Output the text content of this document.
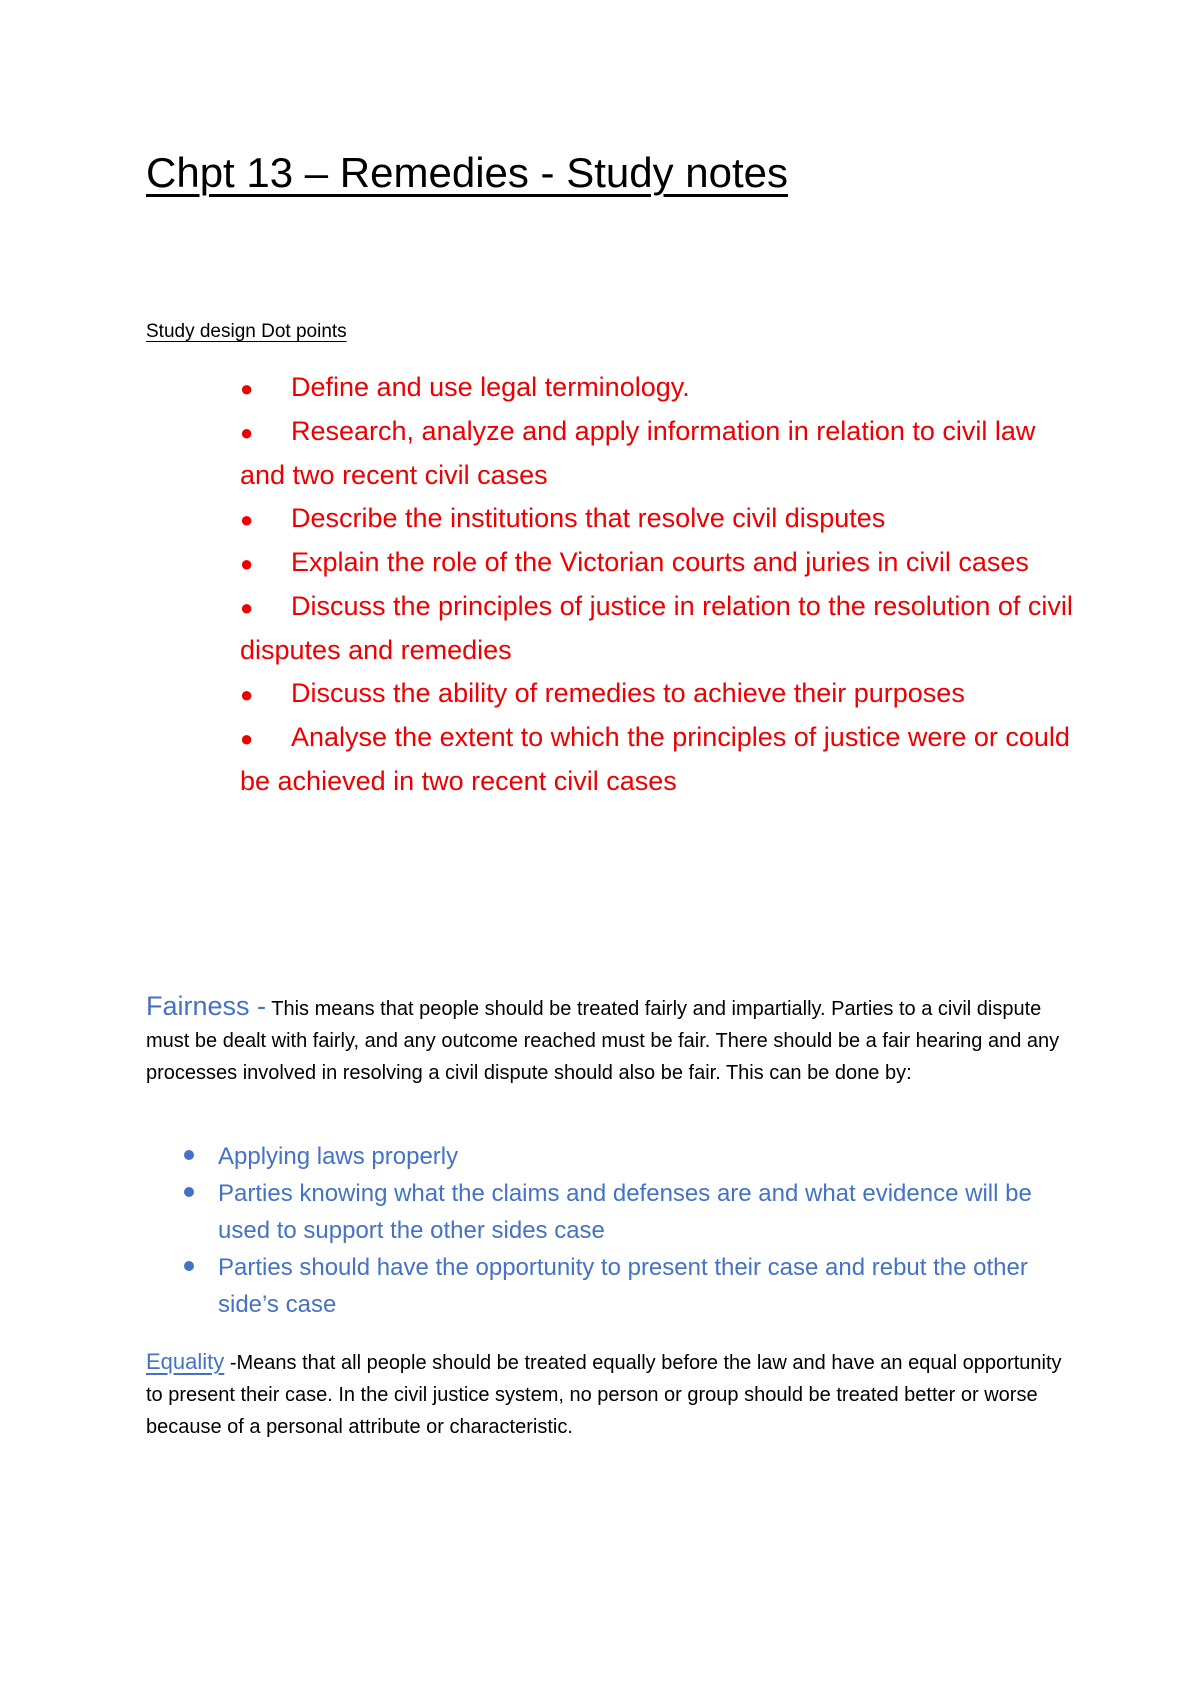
Chpt 13 – Remedies - Study notes
Study design Dot points
● Define and use legal terminology.
● Research, analyze and apply information in relation to civil law and two recent civil cases
● Describe the institutions that resolve civil disputes
● Explain the role of the Victorian courts and juries in civil cases
● Discuss the principles of justice in relation to the resolution of civil disputes and remedies
● Discuss the ability of remedies to achieve their purposes
● Analyse the extent to which the principles of justice were or could be achieved in two recent civil cases

Fairness - This means that people should be treated fairly and impartially. Parties to a civil dispute must be dealt with fairly, and any outcome reached must be fair. There should be a fair hearing and any processes involved in resolving a civil dispute should also be fair. This can be done by:

Applying laws properly
Parties knowing what the claims and defenses are and what evidence will be used to support the other sides case
Parties should have the opportunity to present their case and rebut the other side’s case

Equality -Means that all people should be treated equally before the law and have an equal opportunity to present their case. In the civil justice system, no person or group should be treated better or worse because of a personal attribute or characteristic.
